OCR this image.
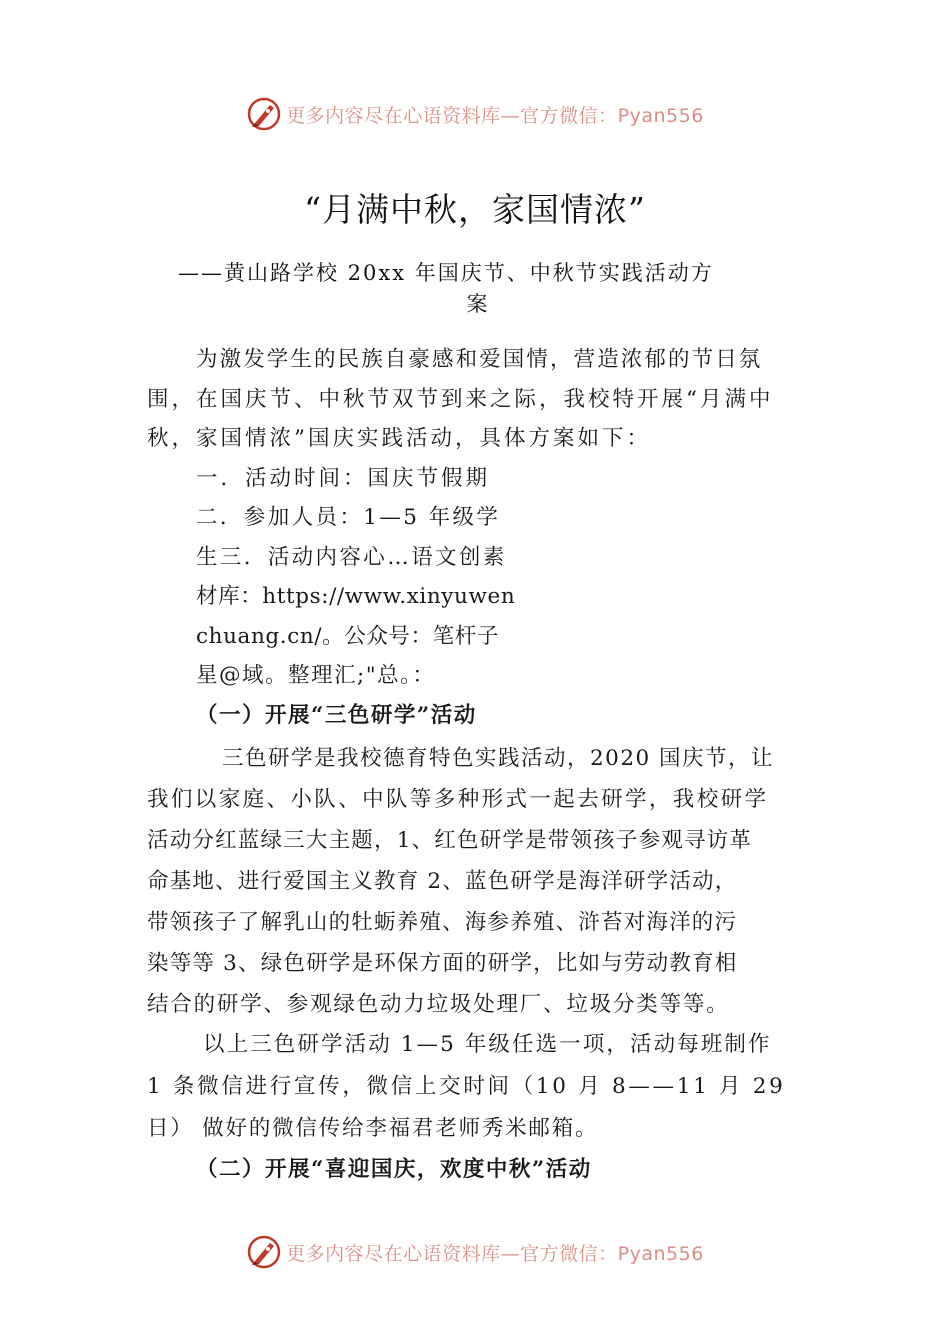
更多内容尽在心语资料库—官方微信：Pyan556
“月满中秋，家国情浓”
——黄山路学校 20xx 年国庆节、中秋节实践活动方
案
为激发学生的民族自豪感和爱国情，营造浓郁的节日氛
围，在国庆节、中秋节双节到来之际，我校特开展“月满中
秋，家国情浓”国庆实践活动，具体方案如下：
一．活动时间：国庆节假期
二．参加人员：1—5 年级学
生三．活动内容心…语文创素
材库：https://www.xinyuwen
chuang.cn/。公众号：笔杆子
星@域。整理汇;"总。：
（一）开展“三色研学”活动
三色研学是我校德育特色实践活动，2020 国庆节，让
我们以家庭、小队、中队等多种形式一起去研学，我校研学
活动分红蓝绿三大主题，1、红色研学是带领孩子参观寻访革
命基地、进行爱国主义教育 2、蓝色研学是海洋研学活动，
带领孩子了解乳山的牡蛎养殖、海参养殖、浒苔对海洋的污
染等等 3、绿色研学是环保方面的研学，比如与劳动教育相
结合的研学、参观绿色动力垃圾处理厂、垃圾分类等等。
以上三色研学活动 1—5 年级任选一项，活动每班制作
1 条微信进行宣传，微信上交时间（10 月 8——11 月 29
日） 做好的微信传给李福君老师秀米邮箱。
（二）开展“喜迎国庆，欢度中秋”活动
更多内容尽在心语资料库—官方微信：Pyan556
